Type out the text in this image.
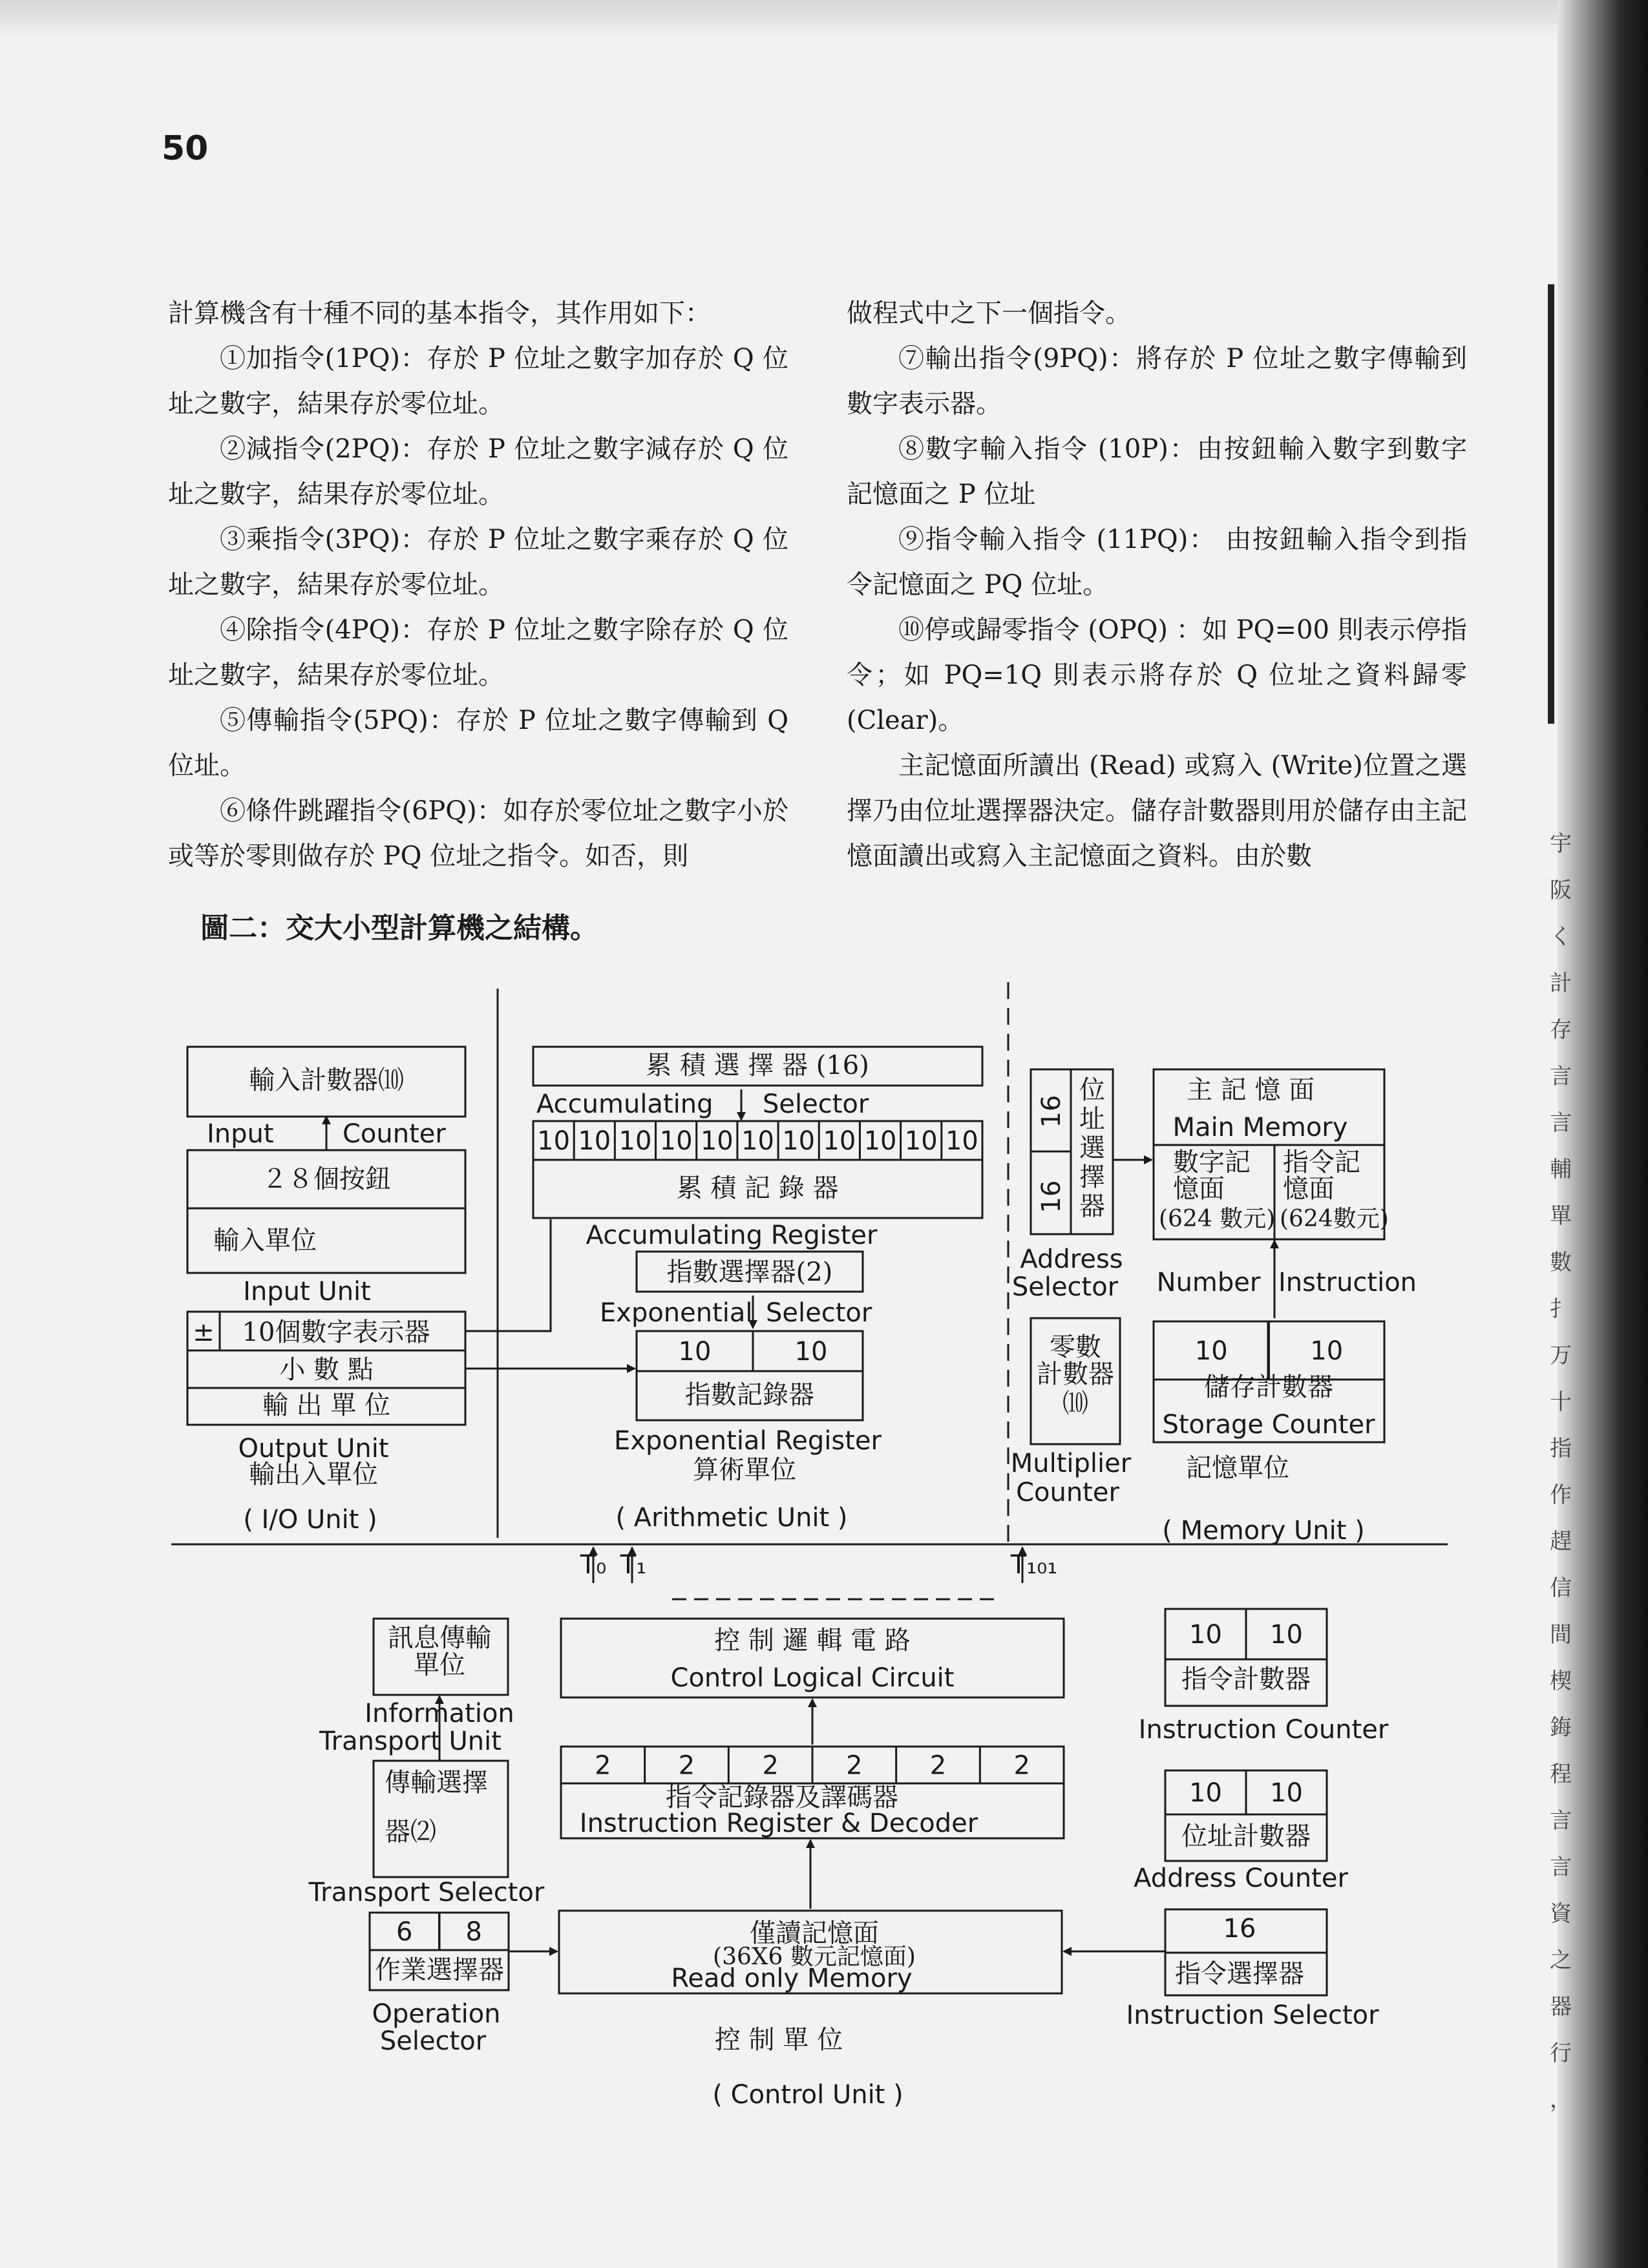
50

計算機含有十種不同的基本指令，其作用如下：

①加指令(1PQ)：存於 P 位址之數字加存於 Q 位址之數字，結果存於零位址。

②減指令(2PQ)：存於 P 位址之數字減存於 Q 位址之數字，結果存於零位址。

③乘指令(3PQ)：存於 P 位址之數字乘存於 Q 位址之數字，結果存於零位址。

④除指令(4PQ)：存於 P 位址之數字除存於 Q 位址之數字，結果存於零位址。

⑤傳輸指令(5PQ)：存於 P 位址之數字傳輸到 Q 位址。

⑥條件跳躍指令(6PQ)：如存於零位址之數字小於或等於零則做存於 PQ 位址之指令。如否，則

做程式中之下一個指令。

⑦輸出指令(9PQ)：將存於 P 位址之數字傳輸到數字表示器。

⑧數字輸入指令 (10P)：由按鈕輸入數字到數字記憶面之 P 位址

⑨指令輸入指令 (11PQ)： 由按鈕輸入指令到指令記憶面之 PQ 位址。

⑩停或歸零指令 (OPQ) ：如 PQ=00 則表示停指令；如 PQ=1Q 則表示將存於 Q 位址之資料歸零 (Clear)。

主記憶面所讀出 (Read) 或寫入 (Write)位置之選擇乃由位址選擇器決定。儲存計數器則用於儲存由主記憶面讀出或寫入主記憶面之資料。由於數

圖二：交大小型計算機之結構。
宇
阪
く
計
存
言
言
輔
單
數
扌
万
十
指
作
趕
信
間
楔
鋂
程
言
言
資
之
器
行
，
10 10 10 10 10 10 10 10 10 10 10
10	10	10	10
2	2	2	2	2	2
6 8
10 10
10 10
16
輸入計數器⑽
Input	Counter
２８個按鈕
輸入單位
Input Unit
± 10個數字表示器
小 數 點
輸 出 單 位
Output Unit
輸出入單位
( I/O Unit )
累 積 選 擇 器 (16)
Accumulating Selector
累 積 記 錄 器
Accumulating Register
指數選擇器(2)
Exponential Selector
指數記錄器
Exponential Register
算術單位
( Arithmetic Unit )
16
16
位
址
選
擇
器
Address
Selector
主 記 憶 面
Main Memory
數字記
憶面
(624 數元)
指令記
憶面
(624數元)
Number Instruction
零數
計數器
⑽
Multiplier
Counter
儲存計數器
Storage Counter
記憶單位
( Memory Unit )
T₀ T₁	T₁₀₁
控 制 邏 輯 電 路
Control Logical Circuit
指令記錄器及譯碼器
Instruction Register & Decoder
僅讀記憶面
(36X6 數元記憶面)
Read only Memory
控 制 單 位
( Control Unit )
訊息傳輸
單位
Information
Transport Unit
傳輸選擇
器⑵
Transport Selector
作業選擇器
Operation
Selector
指令計數器
Instruction Counter
位址計數器
Address Counter
指令選擇器
Instruction Selector
